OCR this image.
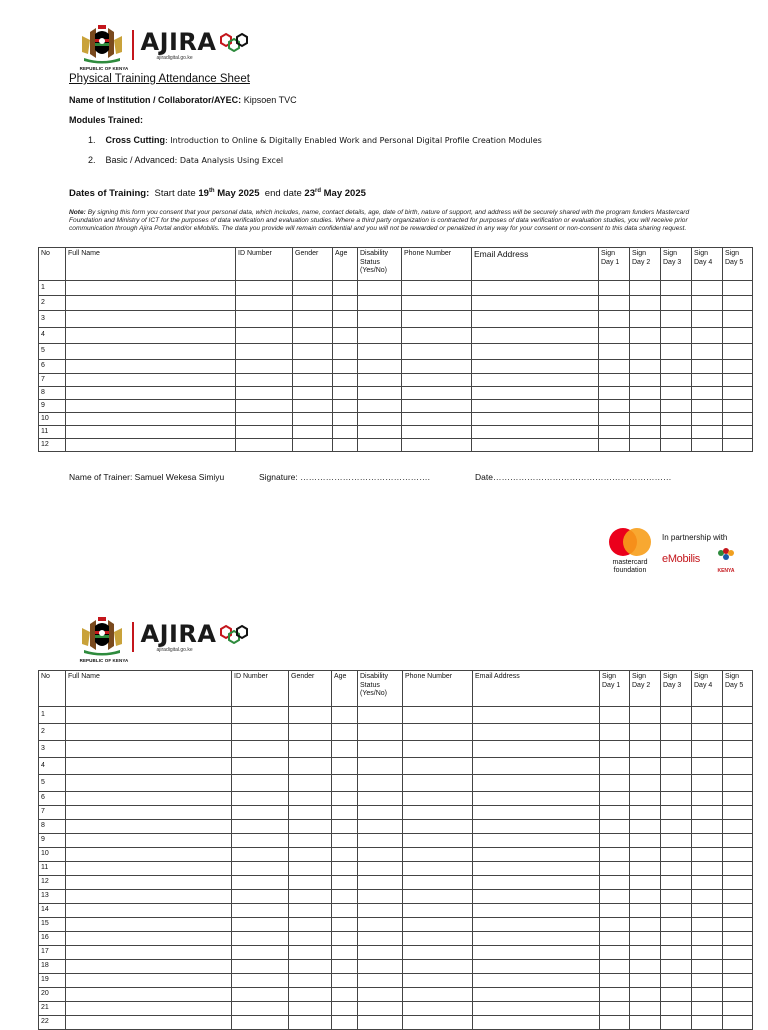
REPUBLIC OF KENYA
AJIRA
ajiradigital.go.ke
Physical Training Attendance Sheet
Name of Institution / Collaborator/AYEC: Kipsoen TVC
Modules Trained:
1. Cross Cutting: Introduction to Online & Digitally Enabled Work and Personal Digital Profile Creation Modules
2. Basic / Advanced: Data Analysis Using Excel
Dates of Training: Start date 19th May 2025 end date 23rd May 2025
Note: By signing this form you consent that your personal data, which includes, name, contact details, age, date of birth, nature of support, and address will be securely shared with the program funders Mastercard Foundation and Ministry of ICT for the purposes of data verification and evaluation studies. Where a third party organization is contracted for purposes of data verification or evaluation studies, you will receive prior communication through Ajira Portal and/or eMobilis. The data you provide will remain confidential and you will not be rewarded or penalized in any way for your consent or non-consent to this data sharing request.
No	Full Name	ID Number	Gender	Age	Disability Status (Yes/No)	Phone Number	Email Address	Sign Day 1	Sign Day 2	Sign Day 3	Sign Day 4	Sign Day 5
1												
2												
3												
4												
5												
6												
7												
8												
9												
10												
11												
12												
Name of Trainer: Samuel Wekesa Simiyu	Signature: ……………………………………….	Date………………………………………………………
mastercard
foundation
In partnership with
eMobilis
KENYA
REPUBLIC OF KENYA
AJIRA
ajiradigital.go.ke
No	Full Name	ID Number	Gender	Age	Disability Status (Yes/No)	Phone Number	Email Address	Sign Day 1	Sign Day 2	Sign Day 3	Sign Day 4	Sign Day 5
1												
2												
3												
4												
5												
6												
7												
8												
9												
10												
11												
12												
13												
14												
15												
16												
17												
18												
19												
20												
21												
22												
